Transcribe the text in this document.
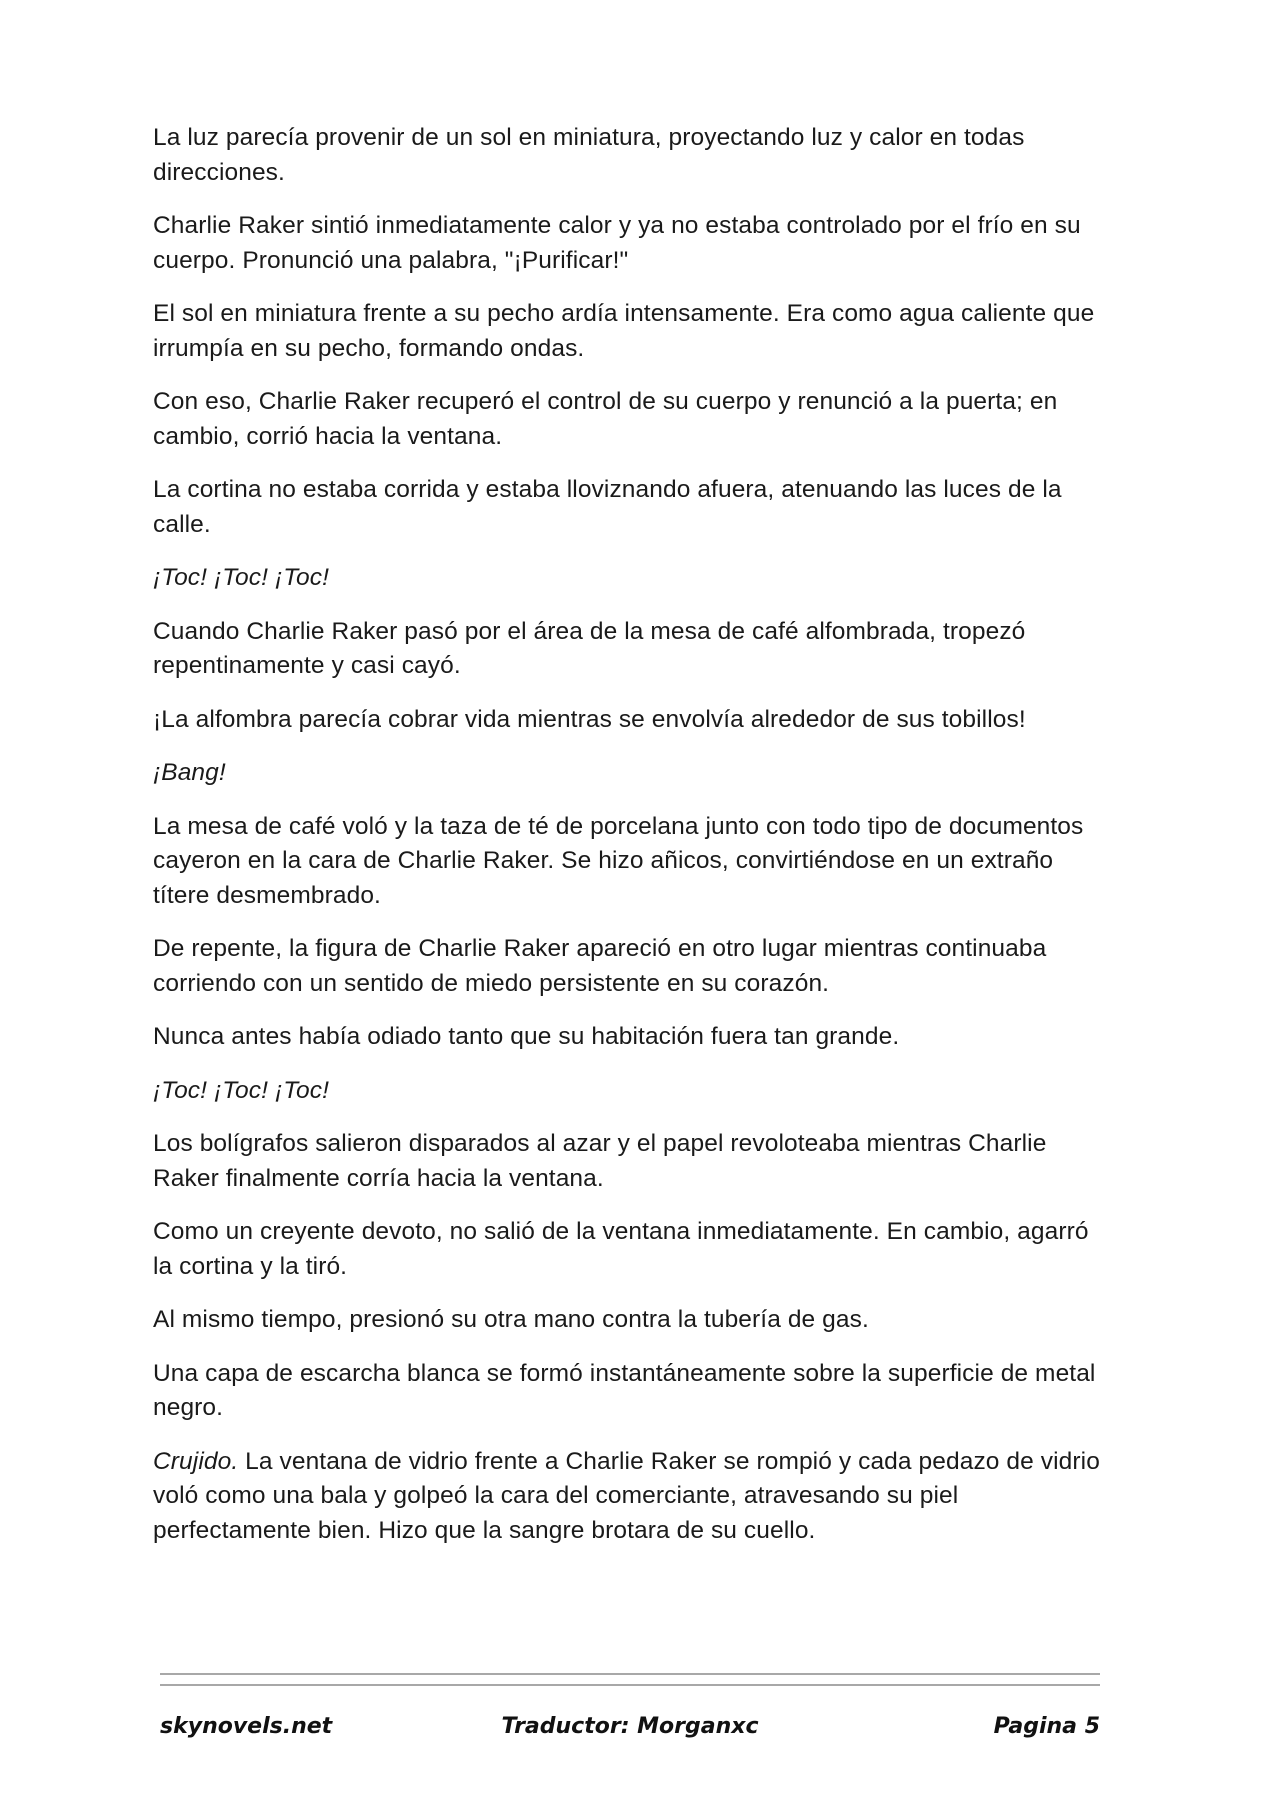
La luz parecía provenir de un sol en miniatura, proyectando luz y calor en todas direcciones.

Charlie Raker sintió inmediatamente calor y ya no estaba controlado por el frío en su cuerpo. Pronunció una palabra, "¡Purificar!"

El sol en miniatura frente a su pecho ardía intensamente. Era como agua caliente que irrumpía en su pecho, formando ondas.

Con eso, Charlie Raker recuperó el control de su cuerpo y renunció a la puerta; en cambio, corrió hacia la ventana.

La cortina no estaba corrida y estaba lloviznando afuera, atenuando las luces de la calle.

¡Toc! ¡Toc! ¡Toc!

Cuando Charlie Raker pasó por el área de la mesa de café alfombrada, tropezó repentinamente y casi cayó.

¡La alfombra parecía cobrar vida mientras se envolvía alrededor de sus tobillos!

¡Bang!

La mesa de café voló y la taza de té de porcelana junto con todo tipo de documentos cayeron en la cara de Charlie Raker. Se hizo añicos, convirtiéndose en un extraño títere desmembrado.

De repente, la figura de Charlie Raker apareció en otro lugar mientras continuaba corriendo con un sentido de miedo persistente en su corazón.

Nunca antes había odiado tanto que su habitación fuera tan grande.

¡Toc! ¡Toc! ¡Toc!

Los bolígrafos salieron disparados al azar y el papel revoloteaba mientras Charlie Raker finalmente corría hacia la ventana.

Como un creyente devoto, no salió de la ventana inmediatamente. En cambio, agarró la cortina y la tiró.

Al mismo tiempo, presionó su otra mano contra la tubería de gas.

Una capa de escarcha blanca se formó instantáneamente sobre la superficie de metal negro.

Crujido. La ventana de vidrio frente a Charlie Raker se rompió y cada pedazo de vidrio voló como una bala y golpeó la cara del comerciante, atravesando su piel perfectamente bien. Hizo que la sangre brotara de su cuello.

skynovels.net	Traductor: Morganxc	Pagina 5
